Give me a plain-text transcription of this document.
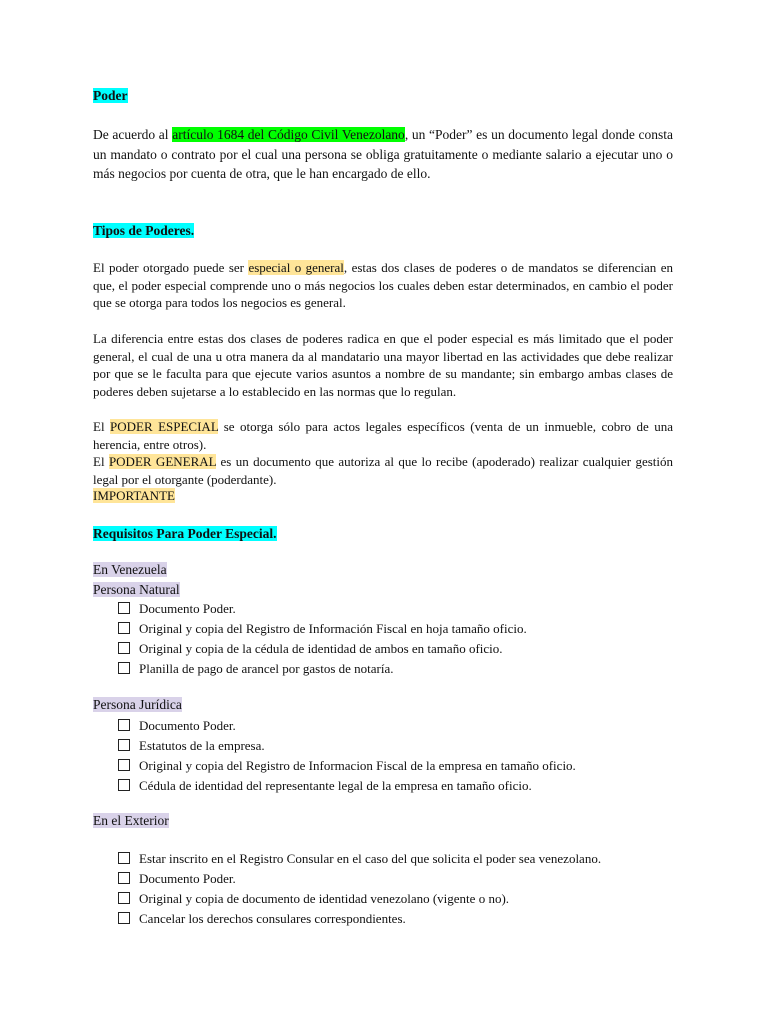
Poder
De acuerdo al artículo 1684 del Código Civil Venezolano, un “Poder” es un documento legal donde consta un mandato o contrato por el cual una persona se obliga gratuitamente o mediante salario a ejecutar uno o más negocios por cuenta de otra, que le han encargado de ello.
Tipos de Poderes.
El poder otorgado puede ser especial o general, estas dos clases de poderes o de mandatos se diferencian en que, el poder especial comprende uno o más negocios los cuales deben estar determinados, en cambio el poder que se otorga para todos los negocios es general.
La diferencia entre estas dos clases de poderes radica en que el poder especial es más limitado que el poder general, el cual de una u otra manera da al mandatario una mayor libertad en las actividades que debe realizar por que se le faculta para que ejecute varios asuntos a nombre de su mandante; sin embargo ambas clases de poderes deben sujetarse a lo establecido en las normas que lo regulan.
El PODER ESPECIAL se otorga sólo para actos legales específicos (venta de un inmueble, cobro de una herencia, entre otros).
El PODER GENERAL es un documento que autoriza al que lo recibe (apoderado) realizar cualquier gestión legal por el otorgante (poderdante).
IMPORTANTE
Requisitos Para Poder Especial.
En Venezuela
Persona Natural
Documento Poder.
Original y copia del Registro de Información Fiscal en hoja tamaño oficio.
Original y copia de la cédula de identidad de ambos en tamaño oficio.
Planilla de pago de arancel por gastos de notaría.
Persona Jurídica
Documento Poder.
Estatutos de la empresa.
Original y copia del Registro de Informacion Fiscal de la empresa en tamaño oficio.
Cédula de identidad del representante legal de la empresa en tamaño oficio.
En el Exterior
Estar inscrito en el Registro Consular en el caso del que solicita el poder sea venezolano.
Documento Poder.
Original y copia de documento de identidad venezolano (vigente o no).
Cancelar los derechos consulares correspondientes.
